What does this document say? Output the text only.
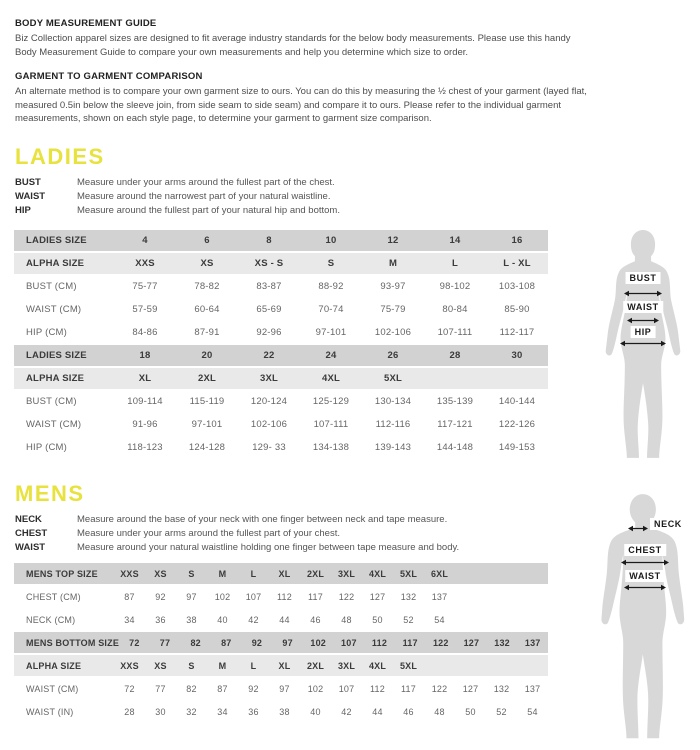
BODY MEASUREMENT GUIDE
Biz Collection apparel sizes are designed to fit average industry standards for the below body measurements. Please use this handy Body Measurement Guide to compare your own measurements and help you determine which size to order.
GARMENT TO GARMENT COMPARISON
An alternate method is to compare your own garment size to ours. You can do this by measuring the ½ chest of your garment (layed flat, measured 0.5in below the sleeve join, from side seam to side seam) and compare it to ours. Please refer to the individual garment measurements, shown on each style page, to determine your garment to garment size comparison.
LADIES
BUST	Measure under your arms around the fullest part of the chest.
WAIST	Measure around the narrowest part of your natural waistline.
HIP	Measure around the fullest part of your natural hip and bottom.
LADIES SIZE	4	6	8	10	12	14	16
ALPHA SIZE	XXS	XS	XS - S	S	M	L	L - XL
BUST (CM)	75-77	78-82	83-87	88-92	93-97	98-102	103-108
WAIST (CM)	57-59	60-64	65-69	70-74	75-79	80-84	85-90
HIP (CM)	84-86	87-91	92-96	97-101	102-106	107-111	112-117
LADIES SIZE	18	20	22	24	26	28	30
ALPHA SIZE	XL	2XL	3XL	4XL	5XL
BUST (CM)	109-114	115-119	120-124	125-129	130-134	135-139	140-144
WAIST (CM)	91-96	97-101	102-106	107-111	112-116	117-121	122-126
HIP (CM)	118-123	124-128	129- 33	134-138	139-143	144-148	149-153
MENS
NECK	Measure around the base of your neck with one finger between neck and tape measure.
CHEST	Measure under your arms around the fullest part of your chest.
WAIST	Measure around your natural waistline holding one finger between tape measure and body.
MENS TOP SIZE	XXS	XS	S	M	L	XL	2XL	3XL	4XL	5XL	6XL
CHEST (CM)	87	92	97	102	107	112	117	122	127	132	137
NECK (CM)	34	36	38	40	42	44	46	48	50	52	54
MENS BOTTOM SIZE	72	77	82	87	92	97	102	107	112	117	122	127	132	137
ALPHA SIZE	XXS	XS	S	M	L	XL	2XL	3XL	4XL	5XL
WAIST (CM)	72	77	82	87	92	97	102	107	112	117	122	127	132	137
WAIST (IN)	28	30	32	34	36	38	40	42	44	46	48	50	52	54
BUST
WAIST
HIP
NECK
CHEST
WAIST
